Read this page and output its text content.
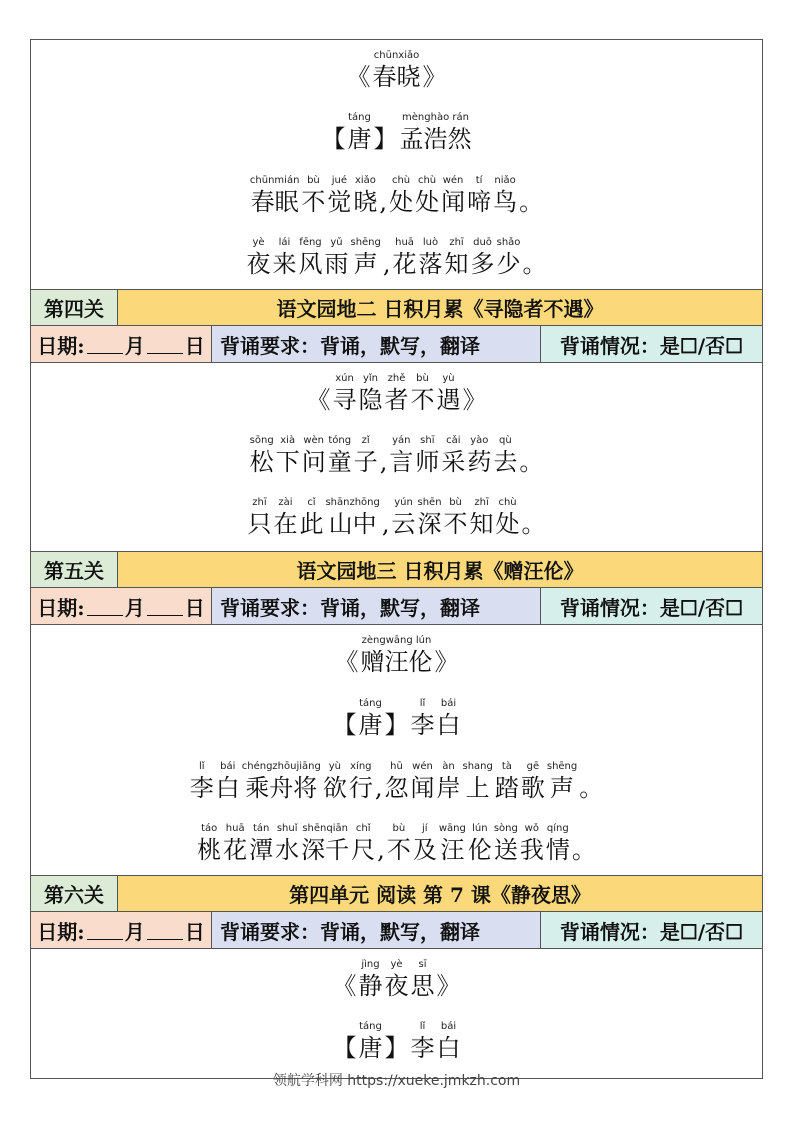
《
chūnxiǎo
春晓 》
【
táng
唐 】
mènghào rán
孟浩然
chūnmián
春眠
bù
不
jué
觉
xiǎo
晓 ,
chù
处
chù
处
wén
闻
tí
啼
niǎo
鸟 。
yè
夜
lái
来
fēng
风
yǔ
雨
shēng
声 ,
huā
花
luò
落
zhī
知
duō
多
shǎo
少 。
第四关	语文园地二 日积月累《寻隐者不遇》
日期: 月 日 背诵要求：背诵，默写，翻译	背诵情况：是☐/否☐
《
xún
寻
yǐn
隐
zhě
者
bù
不
yù
遇 》
sōng
松
xià
下
wèn
问
tóng
童
zǐ
子 ,
yán
言
shī
师
cǎi
采
yào
药
qù
去 。
zhī
只
zài
在
cǐ
此
shānzhōng
山中 ,
yún
云
shēn
深
bù
不
zhī
知
chù
处 。
第五关	语文园地三 日积月累《赠汪伦》
日期: 月 日 背诵要求：背诵，默写，翻译	背诵情况：是☐/否☐
《
zèngwāng lún
赠汪伦 》
【
táng
唐 】
lǐ
李
bái
白
lǐ
李
bái
白
chéngzhōujiāng
乘舟将
yù
欲
xíng
行 ,
hū
忽
wén
闻
àn
岸
shang
上
tà
踏
gē
歌
shēng
声 。
táo
桃
huā
花
tán
潭
shuǐ
水
shēnqiān
深千
chǐ
尺 ,
bù
不
jí
及
wāng
汪
lún
伦
sòng
送
wǒ
我
qíng
情 。
第六关	第四单元 阅读 第 7 课《静夜思》
日期: 月 日 背诵要求：背诵，默写，翻译	背诵情况：是☐/否☐
《
jìng
静
yè
夜
sī
思 》
【
táng
唐 】
lǐ
李
bái
白
领航学科网 https://xueke.jmkzh.com
